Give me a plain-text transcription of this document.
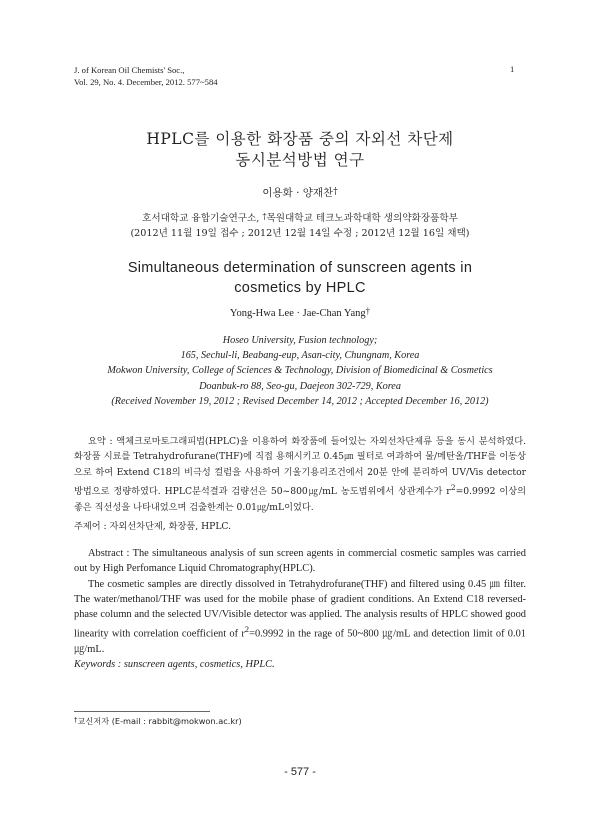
J. of Korean Oil Chemists' Soc.,
Vol. 29, No. 4. December, 2012. 577~584
1
HPLC를 이용한 화장품 중의 자외선 차단제
동시분석방법 연구
이용화 · 양재찬†
호서대학교 융합기술연구소, †목원대학교 테크노과학대학 생의약화장품학부
(2012년 11월 19일 접수 ; 2012년 12월 14일 수정 ; 2012년 12월 16일 채택)
Simultaneous determination of sunscreen agents in
cosmetics by HPLC
Yong-Hwa Lee · Jae-Chan Yang†
Hoseo University, Fusion technology;
165, Sechul-li, Beabang-eup, Asan-city, Chungnam, Korea
Mokwon University, College of Sciences & Technology, Division of Biomedicinal & Cosmetics
Doanbuk-ro 88, Seo-gu, Daejeon 302-729, Korea
(Received November 19, 2012 ; Revised December 14, 2012 ; Accepted December 16, 2012)

요약 : 액체크로마토그래피법(HPLC)을 이용하여 화장품에 들어있는 자외선차단제류 등을 동시 분석하였다. 화장품 시료를 Tetrahydrofurane(THF)에 직접 용해시키고 0.45㎛ 필터로 여과하여 물/메탄올/THF를 이동상으로 하여 Extend C18의 비극성 컬럼을 사용하여 기울기용리조건에서 20분 안에 분리하여 UV/Vis detector방법으로 정량하였다. HPLC분석결과 검량선은 50~800㎍/mL 농도범위에서 상관계수가 $r^2=0.9992$ 이상의 좋은 직선성을 나타내었으며 검출한계는 0.01㎍/mL이었다.

주제어 : 자외선차단제, 화장품, HPLC.

Abstract : The simultaneous analysis of sun screen agents in commercial cosmetic samples was carried out by High Perfomance Liquid Chromatography(HPLC).

The cosmetic samples are directly dissolved in Tetrahydrofurane(THF) and filtered using 0.45 ㎛ filter. The water/methanol/THF was used for the mobile phase of gradient conditions. An Extend C18 reversed-phase column and the selected UV/Visible detector was applied. The analysis results of HPLC showed good linearity with correlation coefficient of $r^2=0.9992$ in the rage of 50~800 ㎍/mL and detection limit of 0.01 ㎍/mL.

Keywords : sunscreen agents, cosmetics, HPLC.
†교신저자 (E-mail : rabbit@mokwon.ac.kr)
- 577 -
